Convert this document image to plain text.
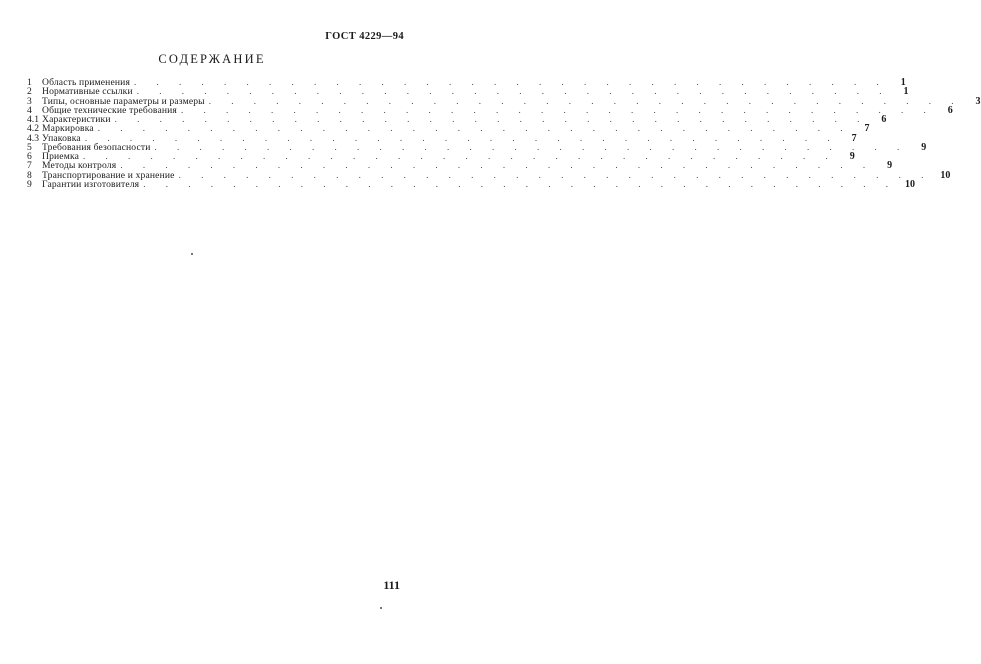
ГОСТ 4229—94
СОДЕРЖАНИЕ
1	Область применения . . . . . . . . . . . . . . . . . . . . . . . . . . . . . . . . . .	1
2	Нормативные ссылки . . . . . . . . . . . . . . . . . . . . . . . . . . . . . . . . . .	1
3	Типы, основные параметры и размеры . . . . . . . . . . . . . . . . . . . . . . . . . . . . . . . . . .	3
4	Общие технические требования . . . . . . . . . . . . . . . . . . . . . . . . . . . . . . . . . .	6
4.1 Характеристики . . . . . . . . . . . . . . . . . . . . . . . . . . . . . . . . . .	6
4.2 Маркировка . . . . . . . . . . . . . . . . . . . . . . . . . . . . . . . . . .	7
4.3 Упаковка . . . . . . . . . . . . . . . . . . . . . . . . . . . . . . . . . .	7
5	Требования безопасности . . . . . . . . . . . . . . . . . . . . . . . . . . . . . . . . . .	9
6	Приемка . . . . . . . . . . . . . . . . . . . . . . . . . . . . . . . . . .	9
7	Методы контроля . . . . . . . . . . . . . . . . . . . . . . . . . . . . . . . . . .	9
8	Транспортирование и хранение . . . . . . . . . . . . . . . . . . . . . . . . . . . . . . . . . . 10
9	Гарантии изготовителя . . . . . . . . . . . . . . . . . . . . . . . . . . . . . . . . . . 10
111
